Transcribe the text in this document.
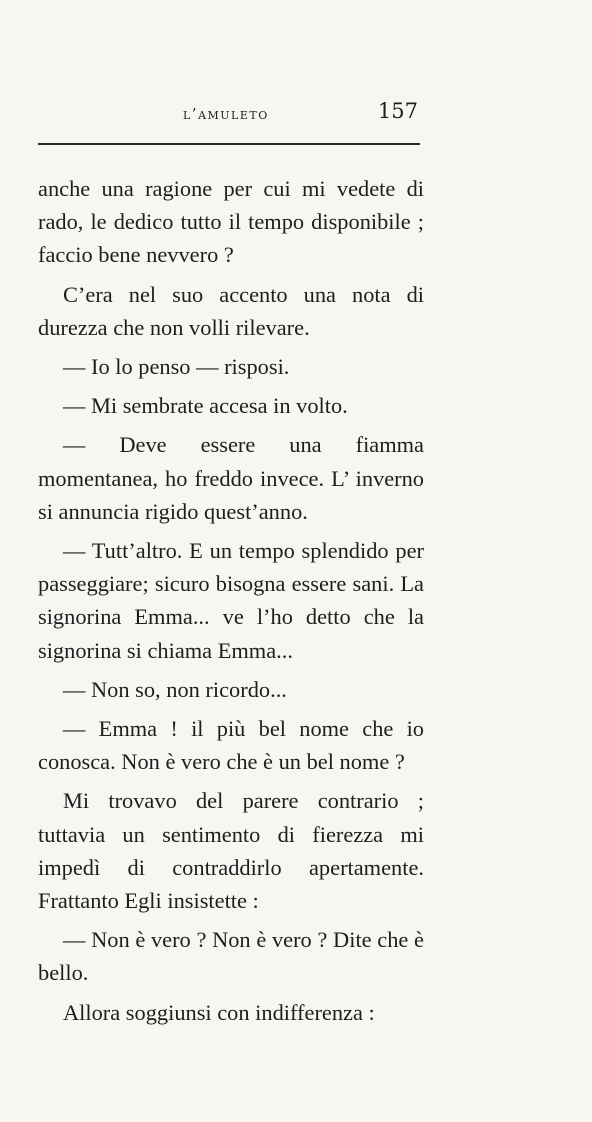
l’amuleto	157

anche una ragione per cui mi vedete di rado, le dedico tutto il tempo disponibile ; faccio bene nevvero ?

C’era nel suo accento una nota di durezza che non volli rilevare.

— Io lo penso — risposi.

— Mi sembrate accesa in volto.

— Deve essere una fiamma momentanea, ho freddo invece. L’ inverno si annuncia rigido quest’anno.

— Tutt’altro. E un tempo splendido per passeggiare; sicuro bisogna essere sani. La signorina Emma... ve l’ho detto che la signorina si chiama Emma...

— Non so, non ricordo...

— Emma ! il più bel nome che io conosca. Non è vero che è un bel nome ?

Mi trovavo del parere contrario ; tuttavia un sentimento di fierezza mi impedì di contraddirlo apertamente. Frattanto Egli insistette :

— Non è vero ? Non è vero ? Dite che è bello.

Allora soggiunsi con indifferenza :
